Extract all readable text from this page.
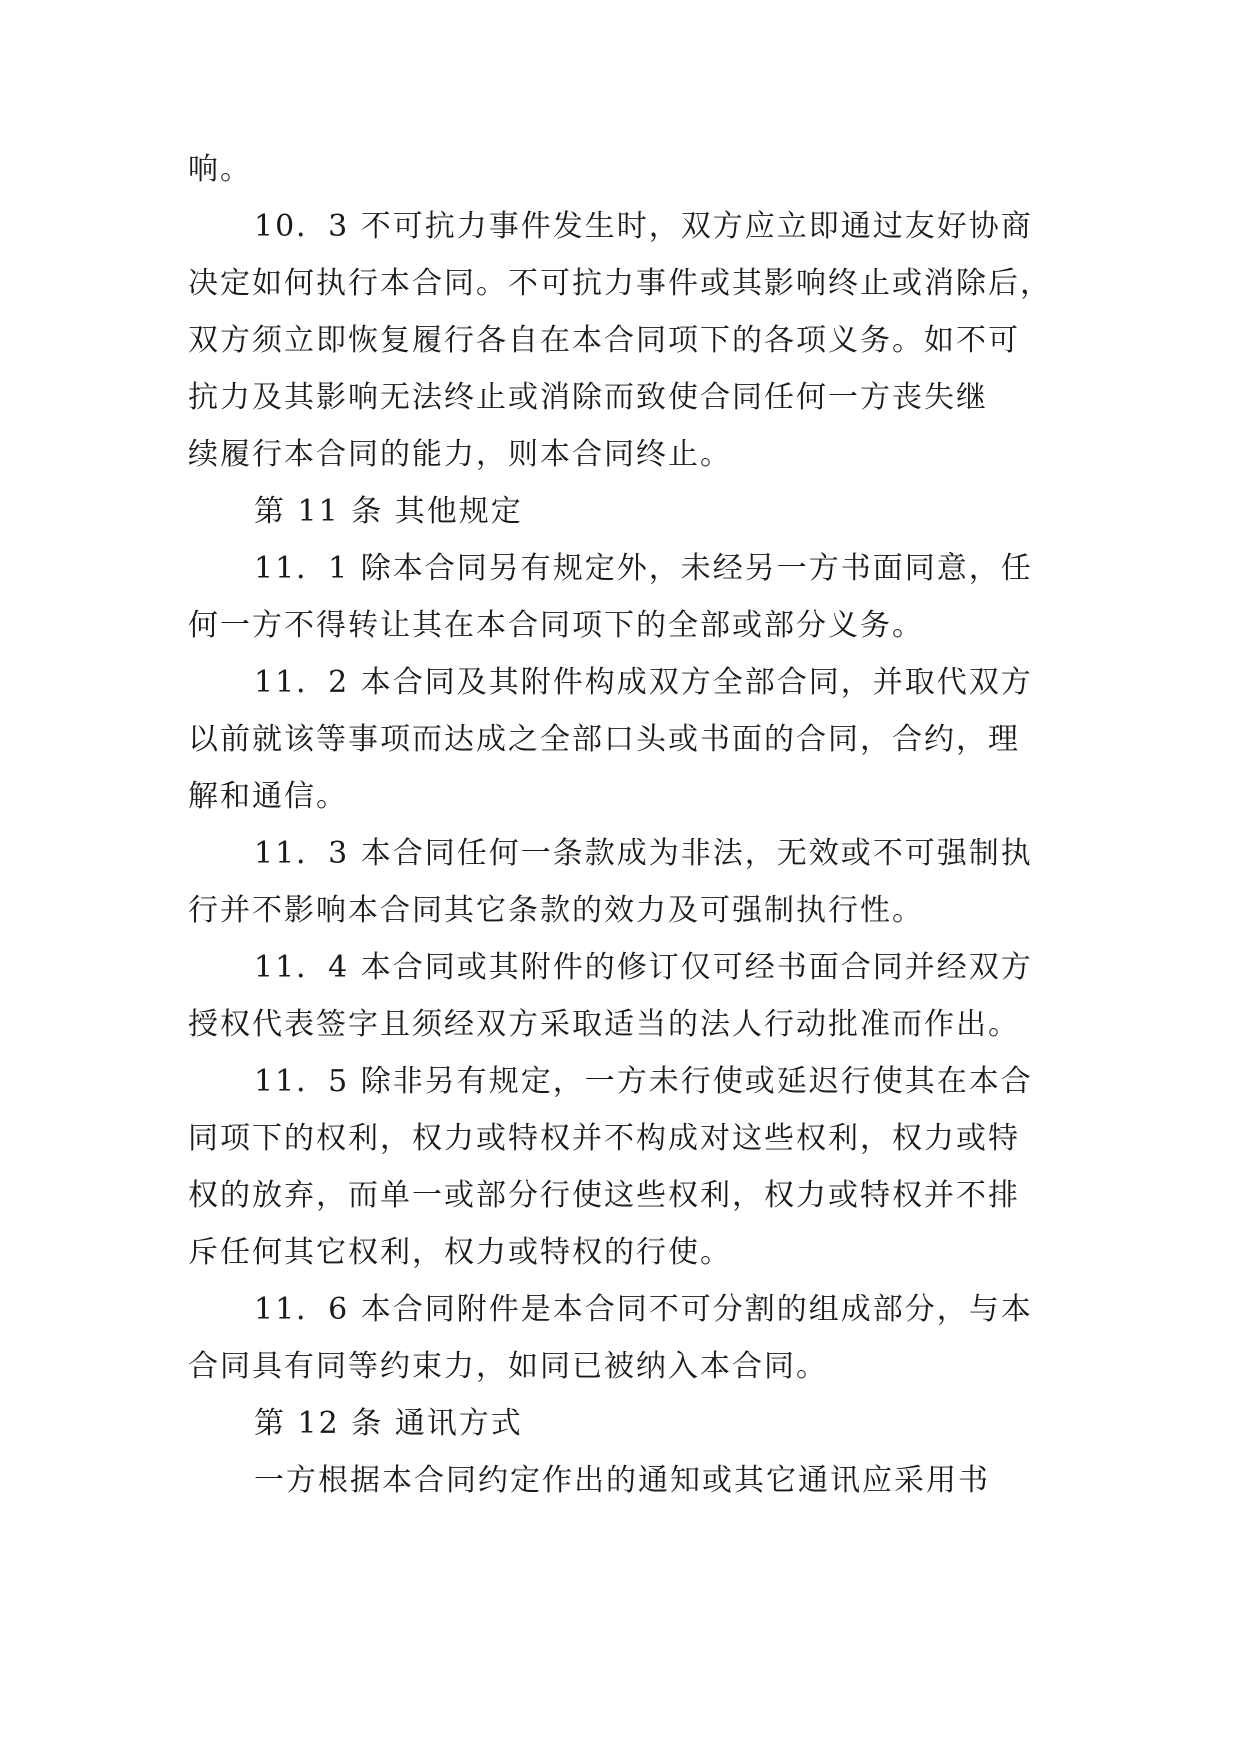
响。
10．3 不可抗力事件发生时，双方应立即通过友好协商
决定如何执行本合同。不可抗力事件或其影响终止或消除后，
双方须立即恢复履行各自在本合同项下的各项义务。如不可
抗力及其影响无法终止或消除而致使合同任何一方丧失继
续履行本合同的能力，则本合同终止。
第 11 条 其他规定
11．1 除本合同另有规定外，未经另一方书面同意，任
何一方不得转让其在本合同项下的全部或部分义务。
11．2 本合同及其附件构成双方全部合同，并取代双方
以前就该等事项而达成之全部口头或书面的合同，合约，理
解和通信。
11．3 本合同任何一条款成为非法，无效或不可强制执
行并不影响本合同其它条款的效力及可强制执行性。
11．4 本合同或其附件的修订仅可经书面合同并经双方
授权代表签字且须经双方采取适当的法人行动批准而作出。
11．5 除非另有规定，一方未行使或延迟行使其在本合
同项下的权利，权力或特权并不构成对这些权利，权力或特
权的放弃，而单一或部分行使这些权利，权力或特权并不排
斥任何其它权利，权力或特权的行使。
11．6 本合同附件是本合同不可分割的组成部分，与本
合同具有同等约束力，如同已被纳入本合同。
第 12 条 通讯方式
一方根据本合同约定作出的通知或其它通讯应采用书
